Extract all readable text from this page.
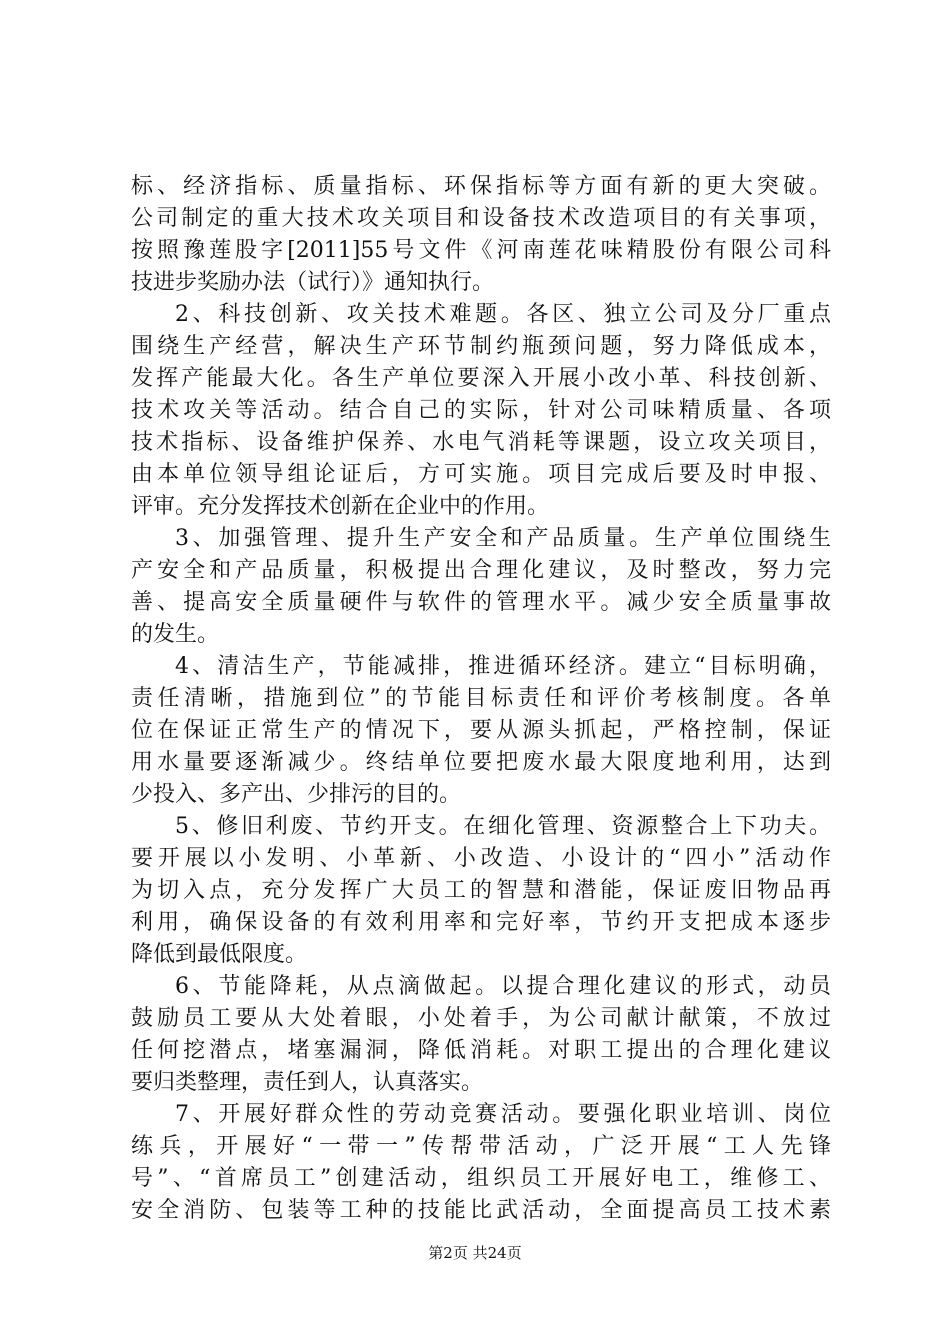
标、经济指标、质量指标、环保指标等方面有新的更大突破。
公司制定的重大技术攻关项目和设备技术改造项目的有关事项，
按照豫莲股字[2011]55号文件《河南莲花味精股份有限公司科
技进步奖励办法（试行）》通知执行。
2、科技创新、攻关技术难题。各区、独立公司及分厂重点
围绕生产经营，解决生产环节制约瓶颈问题，努力降低成本，
发挥产能最大化。各生产单位要深入开展小改小革、科技创新、
技术攻关等活动。结合自己的实际，针对公司味精质量、各项
技术指标、设备维护保养、水电气消耗等课题，设立攻关项目，
由本单位领导组论证后，方可实施。项目完成后要及时申报、
评审。充分发挥技术创新在企业中的作用。
3、加强管理、提升生产安全和产品质量。生产单位围绕生
产安全和产品质量，积极提出合理化建议，及时整改，努力完
善、提高安全质量硬件与软件的管理水平。减少安全质量事故
的发生。
4、清洁生产，节能减排，推进循环经济。建立“目标明确，
责任清晰，措施到位”的节能目标责任和评价考核制度。各单
位在保证正常生产的情况下，要从源头抓起，严格控制，保证
用水量要逐渐减少。终结单位要把废水最大限度地利用，达到
少投入、多产出、少排污的目的。
5、修旧利废、节约开支。在细化管理、资源整合上下功夫。
要开展以小发明、小革新、小改造、小设计的“四小”活动作
为切入点，充分发挥广大员工的智慧和潜能，保证废旧物品再
利用，确保设备的有效利用率和完好率，节约开支把成本逐步
降低到最低限度。
6、节能降耗，从点滴做起。以提合理化建议的形式，动员
鼓励员工要从大处着眼，小处着手，为公司献计献策，不放过
任何挖潜点，堵塞漏洞，降低消耗。对职工提出的合理化建议
要归类整理，责任到人，认真落实。
7、开展好群众性的劳动竞赛活动。要强化职业培训、岗位
练兵，开展好“一带一”传帮带活动，广泛开展“工人先锋
号”、“首席员工”创建活动，组织员工开展好电工，维修工、
安全消防、包装等工种的技能比武活动，全面提高员工技术素
第2页 共24页
